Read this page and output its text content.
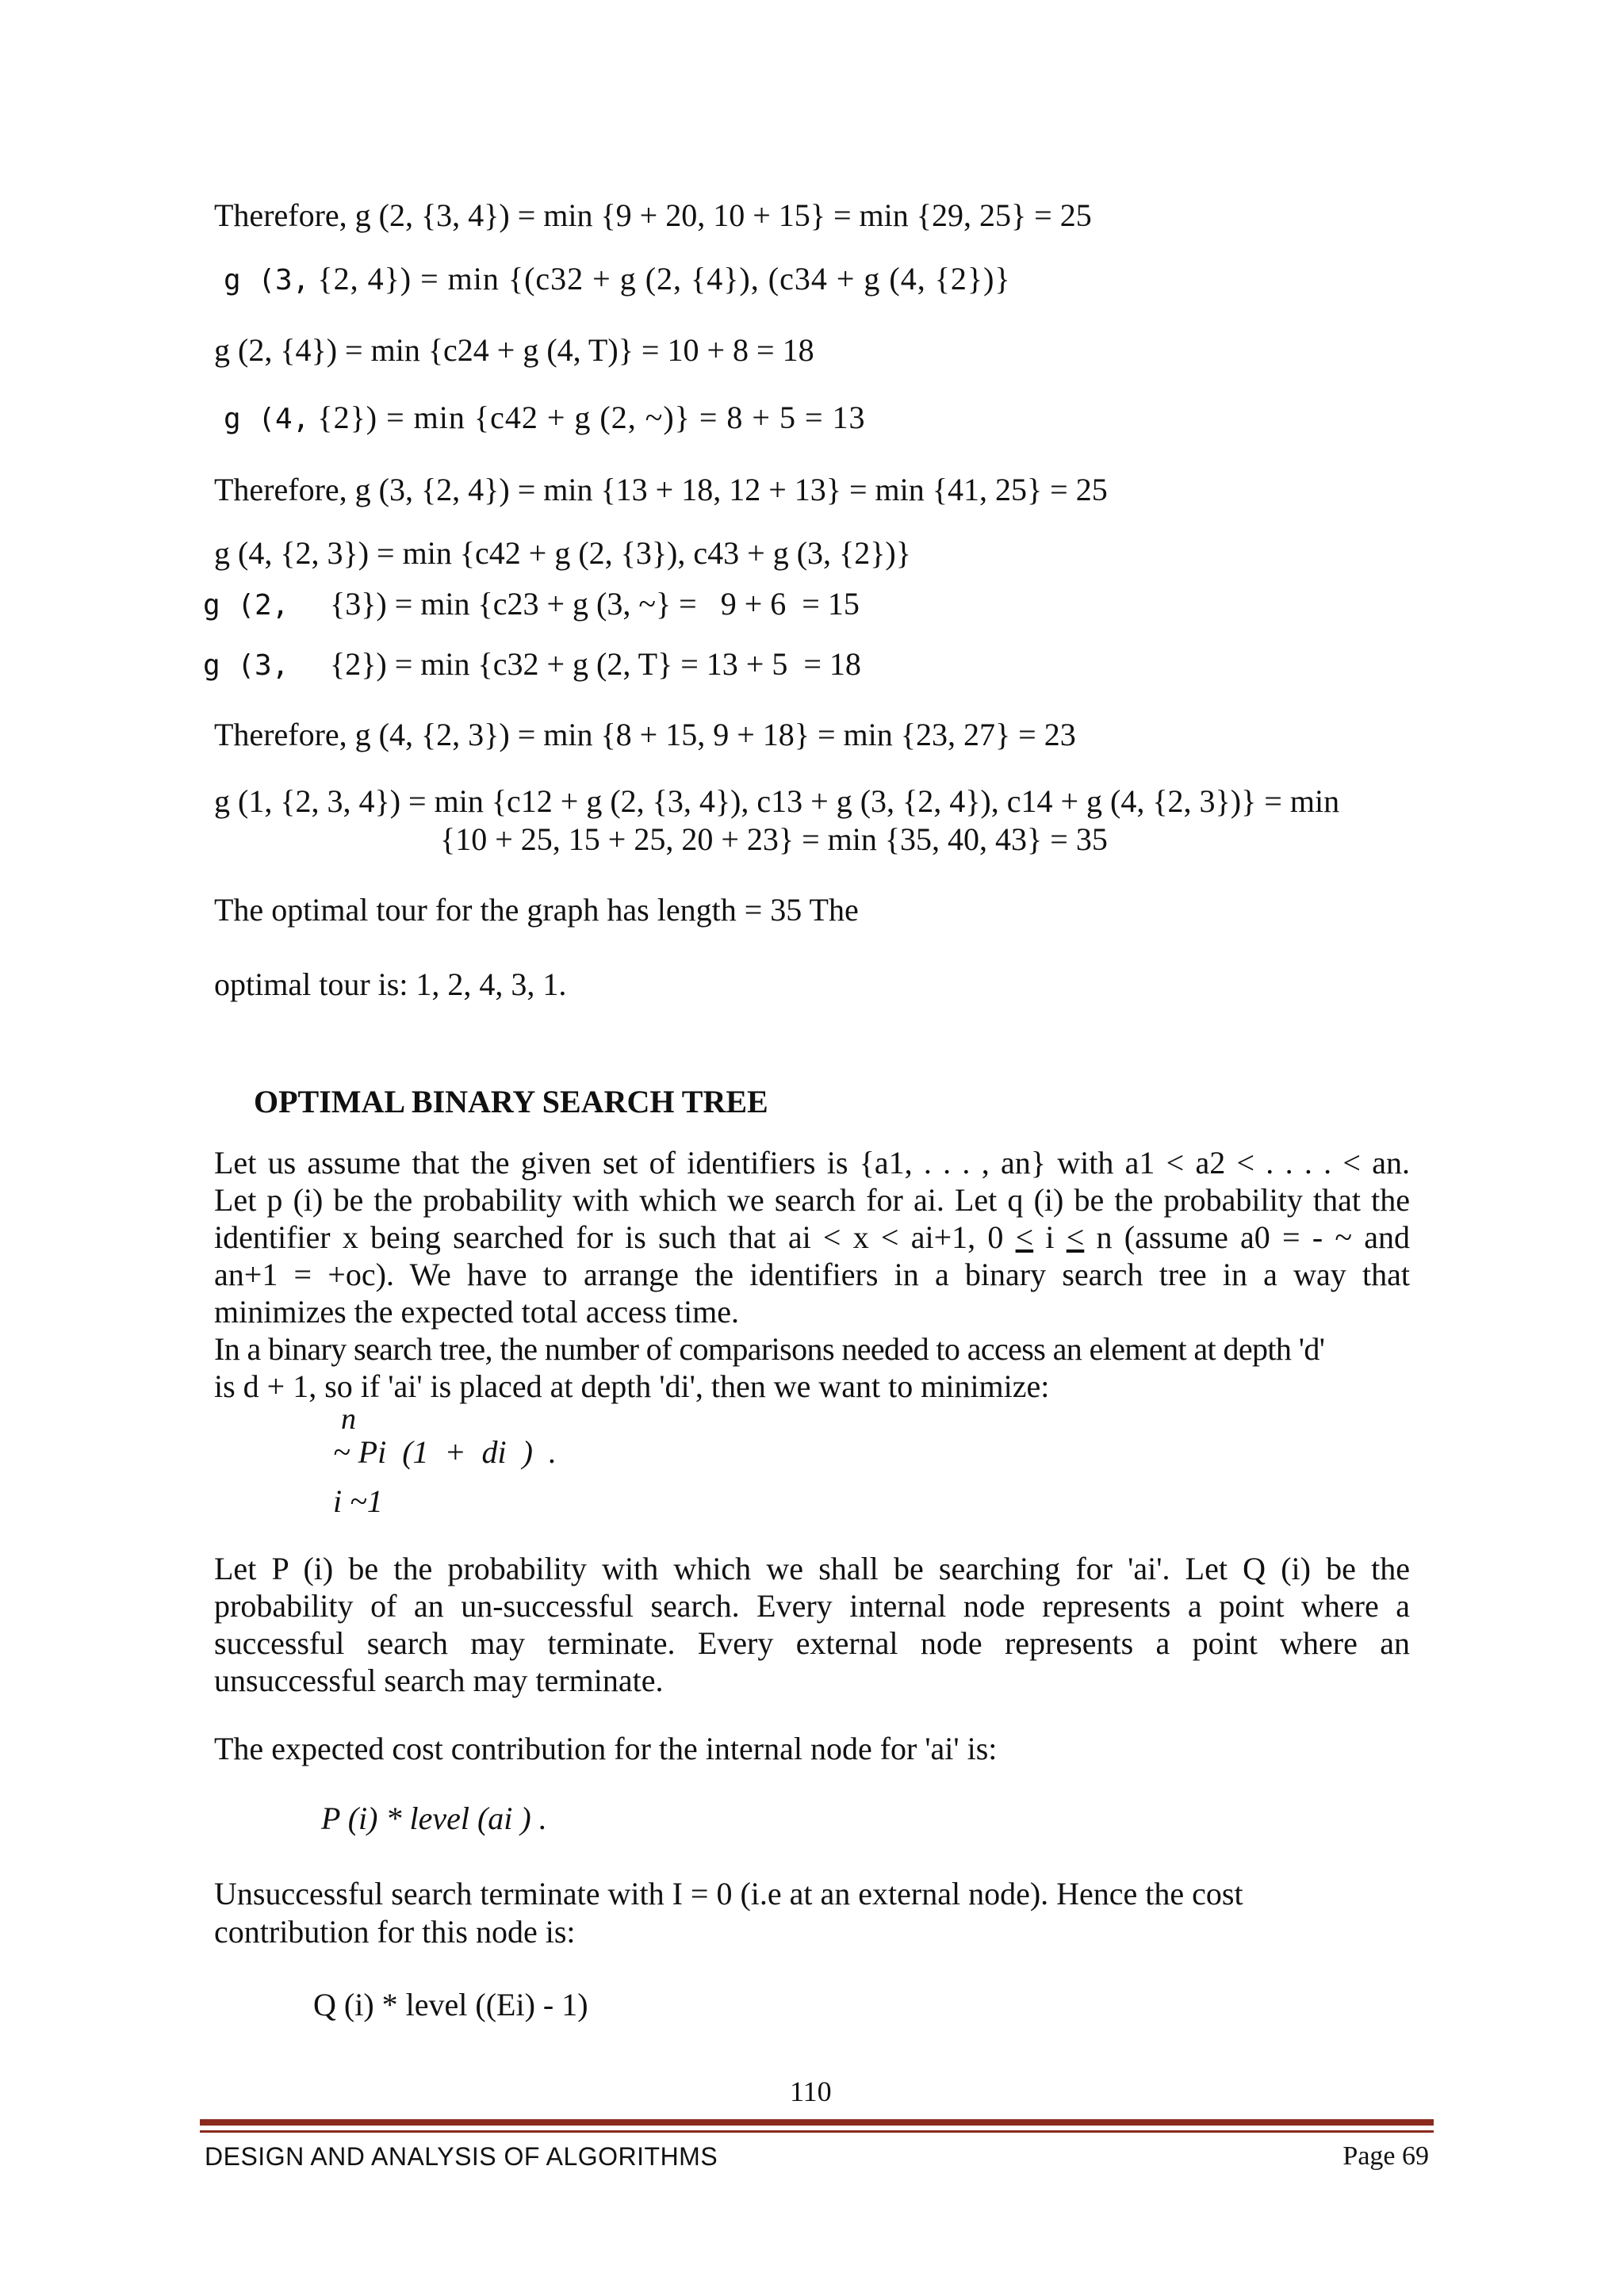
Therefore, g (2, {3, 4}) = min {9 + 20, 10 + 15} = min {29, 25} = 25
g (3, {2, 4}) = min {(c32 + g (2, {4}), (c34 + g (4, {2})}
g (2, {4}) = min {c24 + g (4, T)} = 10 + 8 = 18
g (4, {2}) = min {c42 + g (2, ~)} = 8 + 5 = 13
Therefore, g (3, {2, 4}) = min {13 + 18, 12 + 13} = min {41, 25} = 25
g (4, {2, 3}) = min {c42 + g (2, {3}), c43 + g (3, {2})}
g (2, {3}) = min {c23 + g (3, ~} =   9 + 6  = 15
g (3, {2}) = min {c32 + g (2, T} = 13 + 5  = 18
Therefore, g (4, {2, 3}) = min {8 + 15, 9 + 18} = min {23, 27} = 23
g (1, {2, 3, 4}) = min {c12 + g (2, {3, 4}), c13 + g (3, {2, 4}), c14 + g (4, {2, 3})} = min
{10 + 25, 15 + 25, 20 + 23} = min {35, 40, 43} = 35
The optimal tour for the graph has length = 35 The
optimal tour is: 1, 2, 4, 3, 1.
OPTIMAL BINARY SEARCH TREE
Let us assume that the given set of identifiers is {a1, . . . , an} with a1 < a2 < . . . . < an.
Let p (i) be the probability with which we search for ai. Let q (i) be the probability that the
identifier x being searched for is such that ai < x < ai+1, 0 ≤ i ≤ n (assume a0 = - ~ and
an+1 = +oc). We have to arrange the identifiers in a binary search tree in a way that
minimizes the expected total access time.
In a binary search tree, the number of comparisons needed to access an element at depth 'd'
is d + 1, so if 'ai' is placed at depth 'di', then we want to minimize:
n
~ Pi  (1  +  di  )  .
i ~1
Let P (i) be the probability with which we shall be searching for 'ai'. Let Q (i) be the
probability of an un-successful search. Every internal node represents a point where a
successful search may terminate. Every external node represents a point where an
unsuccessful search may terminate.
The expected cost contribution for the internal node for 'ai' is:
P (i) * level (ai ) .
Unsuccessful search terminate with I = 0 (i.e at an external node). Hence the cost
contribution for this node is:
Q (i) * level ((Ei) - 1)
110
DESIGN AND ANALYSIS OF ALGORITHMS	Page 69
